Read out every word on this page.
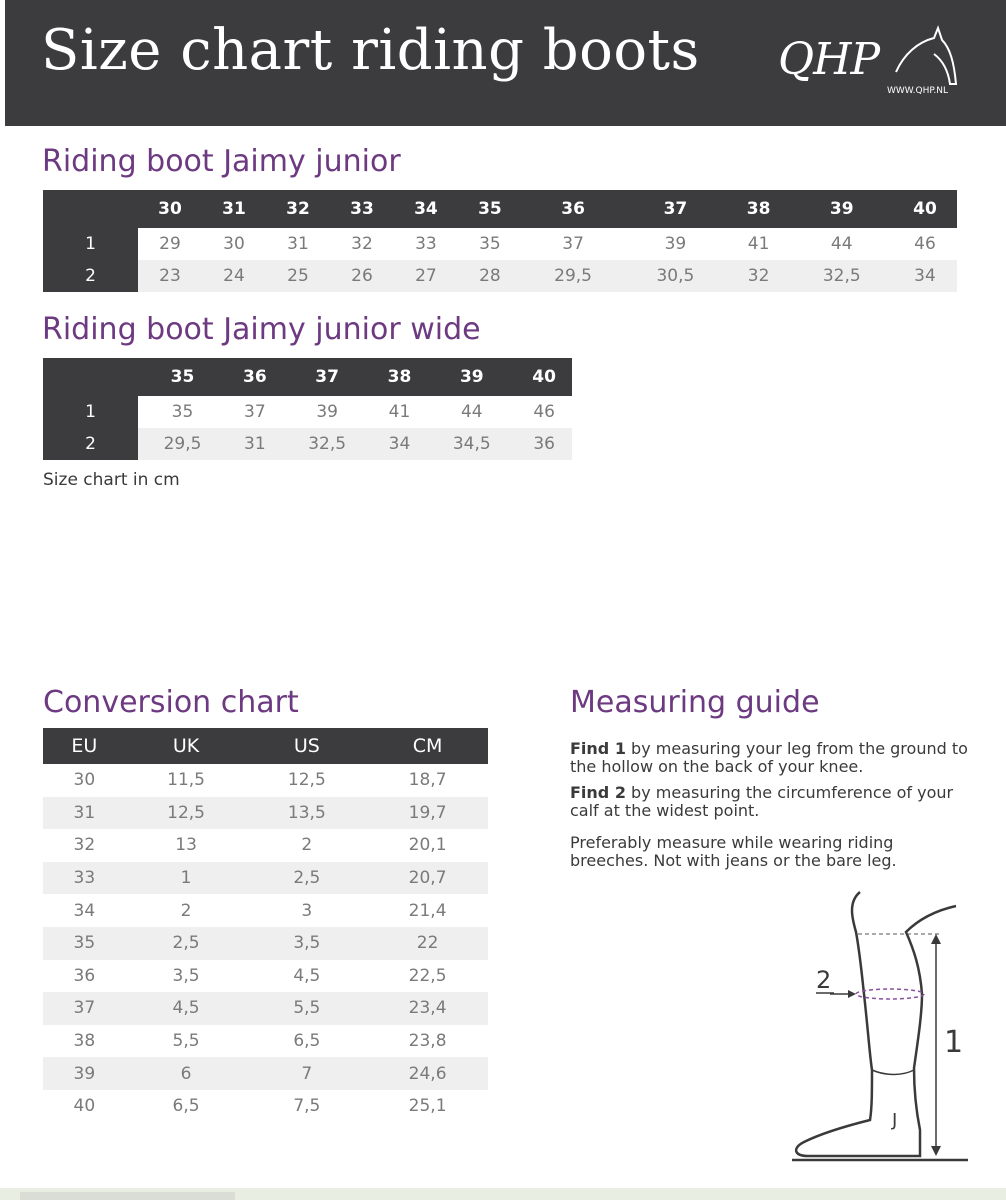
Size chart riding boots QHP
WWW.QHP.NL
Riding boot Jaimy junior
	30	31	32	33	34	35	36	37	38	39	40
1	29	30	31	32	33	35	37	39	41	44	46
2	23	24	25	26	27	28	29,5	30,5	32	32,5	34
Riding boot Jaimy junior wide
	35	36	37	38	39	40
1	35	37	39	41	44	46
2	29,5	31	32,5	34	34,5	36
Size chart in cm
Conversion chart
EU	UK	US	CM
30	11,5	12,5	18,7
31	12,5	13,5	19,7
32	13	2	20,1
33	1	2,5	20,7
34	2	3	21,4
35	2,5	3,5	22
36	3,5	4,5	22,5
37	4,5	5,5	23,4
38	5,5	6,5	23,8
39	6	7	24,6
40	6,5	7,5	25,1
Measuring guide

Find 1 by measuring your leg from the ground to the hollow on the back of your knee.

Find 2 by measuring the circumference of your calf at the widest point.

Preferably measure while wearing riding breeches. Not with jeans or the bare leg.

2
1
J
